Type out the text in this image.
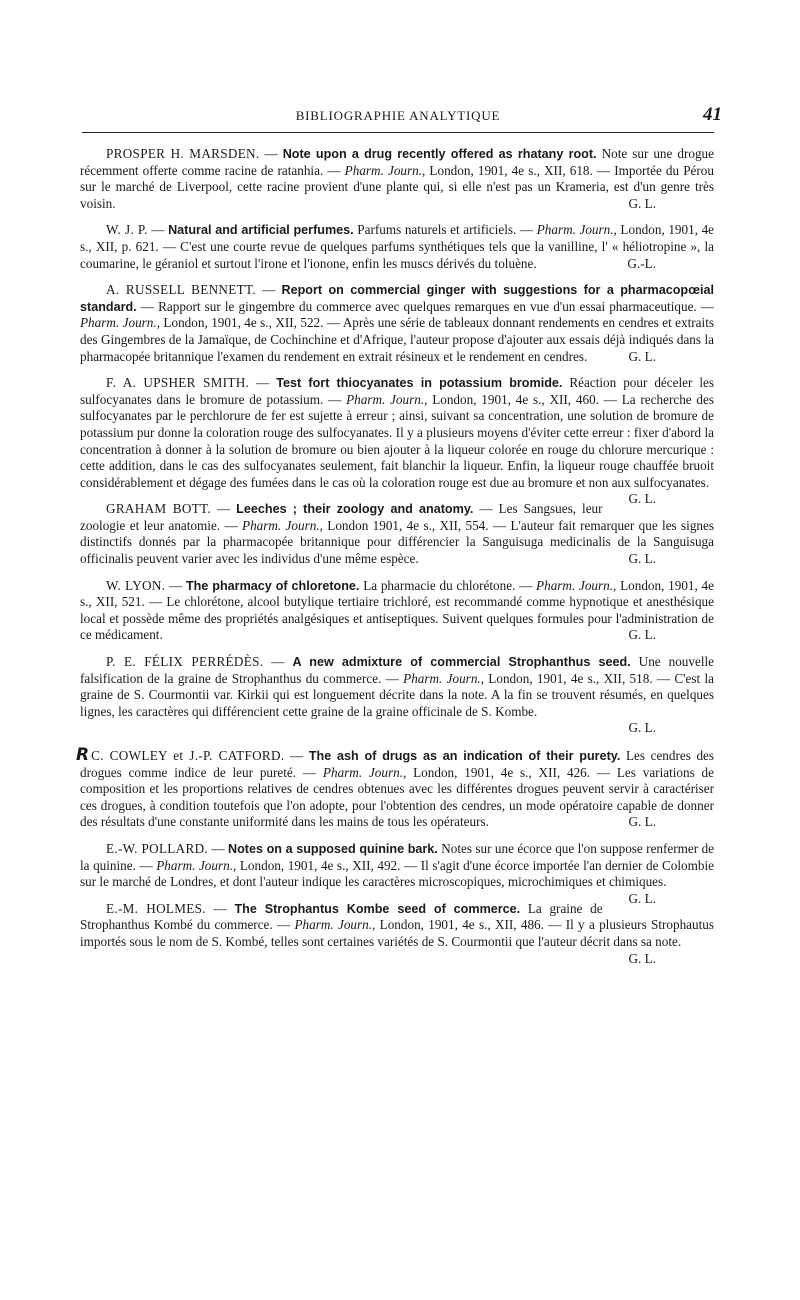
BIBLIOGRAPHIE ANALYTIQUE	41

PROSPER H. MARSDEN. — Note upon a drug recently offered as rhatany root. Note sur une drogue récemment offerte comme racine de ratanhia. — Pharm. Journ., London, 1901, 4e s., XII, 618. — Importée du Pérou sur le marché de Liverpool, cette racine provient d'une plante qui, si elle n'est pas un Krameria, est d'un genre très voisin.	G. L.

W. J. P. — Natural and artificial perfumes. Parfums naturels et artificiels. — Pharm. Journ., London, 1901, 4e s., XII, p. 621. — C'est une courte revue de quelques parfums synthétiques tels que la vanilline, l' « héliotropine », la coumarine, le géraniol et surtout l'irone et l'ionone, enfin les muscs dérivés du toluène.	G.-L.

A. RUSSELL BENNETT. — Report on commercial ginger with suggestions for a pharmacopœial standard. — Rapport sur le gingembre du commerce avec quelques remarques en vue d'un essai pharmaceutique. — Pharm. Journ., London, 1901, 4e s., XII, 522. — Après une série de tableaux donnant rendements en cendres et extraits des Gingembres de la Jamaïque, de Cochinchine et d'Afrique, l'auteur propose d'ajouter aux essais déjà indiqués dans la pharmacopée britannique l'examen du rendement en extrait résineux et le rendement en cendres.	G. L.

F. A. UPSHER SMITH. — Test fort thiocyanates in potassium bromide. Réaction pour déceler les sulfocyanates dans le bromure de potassium. — Pharm. Journ., London, 1901, 4e s., XII, 460. — La recherche des sulfocyanates par le perchlorure de fer est sujette à erreur ; ainsi, suivant sa concentration, une solution de bromure de potassium pur donne la coloration rouge des sulfocyanates. Il y a plusieurs moyens d'éviter cette erreur : fixer d'abord la concentration à donner à la solution de bromure ou bien ajouter à la liqueur colorée en rouge du chlorure mercurique : cette addition, dans le cas des sulfocyanates seulement, fait blanchir la liqueur. Enfin, la liqueur rouge chauffée bruoit considérablement et dégage des fumées dans le cas où la coloration rouge est due au bromure et non aux sulfocyanates.
G. L.

GRAHAM BOTT. — Leeches ; their zoology and anatomy. — Les Sangsues, leur zoologie et leur anatomie. — Pharm. Journ., London 1901, 4e s., XII, 554. — L'auteur fait remarquer que les signes distinctifs donnés par la pharmacopée britannique pour différencier la Sanguisuga medicinalis de la Sanguisuga officinalis peuvent varier avec les individus d'une même espèce.	G. L.

W. LYON. — The pharmacy of chloretone. La pharmacie du chlorétone. — Pharm. Journ., London, 1901, 4e s., XII, 521. — Le chlorétone, alcool butylique tertiaire trichloré, est recommandé comme hypnotique et anesthésique local et possède même des propriétés analgésiques et antiseptiques. Suivent quelques formules pour l'administration de ce médicament.	G. L.

P. E. FÉLIX PERRÉDÈS. — A new admixture of commercial Strophanthus seed. Une nouvelle falsification de la graine de Strophanthus du commerce. — Pharm. Journ., London, 1901, 4e s., XII, 518. — C'est la graine de S. Courmontii var. Kirkii qui est longuement décrite dans la note. A la fin se trouvent résumés, en quelques lignes, les caractères qui différencient cette graine de la graine officinale de S. Kombe.
G. L.

R C. COWLEY et J.-P. CATFORD. — The ash of drugs as an indication of their purety. Les cendres des drogues comme indice de leur pureté. — Pharm. Journ., London, 1901, 4e s., XII, 426. — Les variations de composition et les proportions relatives de cendres obtenues avec les différentes drogues peuvent servir à caractériser ces drogues, à condition toutefois que l'on adopte, pour l'obtention des cendres, un mode opératoire capable de donner des résultats d'une constante uniformité dans les mains de tous les opérateurs.	G. L.

E.-W. POLLARD. — Notes on a supposed quinine bark. Notes sur une écorce que l'on suppose renfermer de la quinine. — Pharm. Journ., London, 1901, 4e s., XII, 492. — Il s'agit d'une écorce importée l'an dernier de Colombie sur le marché de Londres, et dont l'auteur indique les caractères microscopiques, microchimiques et chimiques.
G. L.

E.-M. HOLMES. — The Strophantus Kombe seed of commerce. La graine de Strophanthus Kombé du commerce. — Pharm. Journ., London, 1901, 4e s., XII, 486. — Il y a plusieurs Strophautus importés sous le nom de S. Kombé, telles sont certaines variétés de S. Courmontii que l'auteur décrit dans sa note.
G. L.
